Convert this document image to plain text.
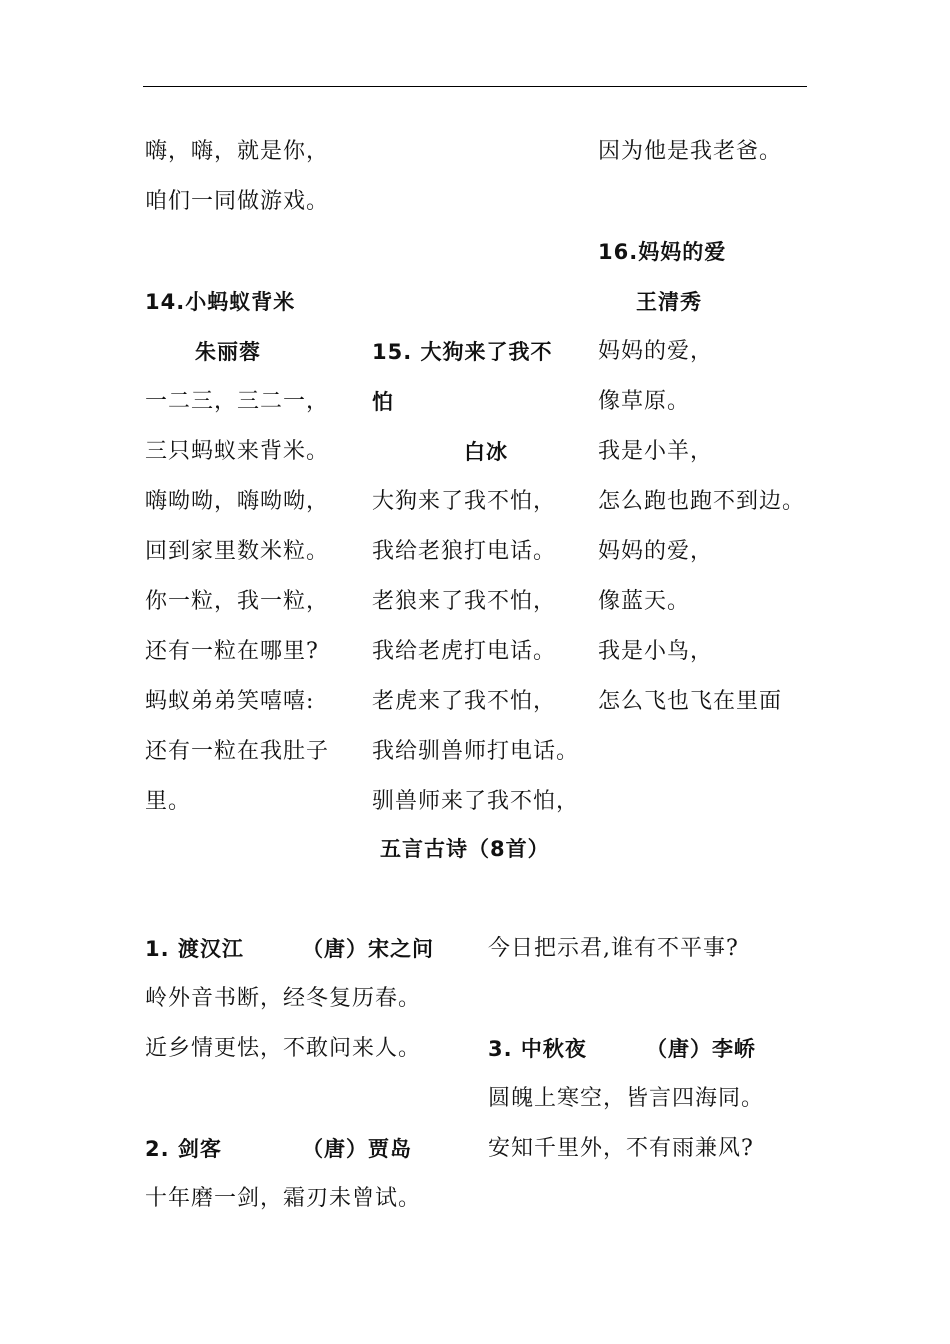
嗨，嗨，就是你，
咱们一同做游戏。
因为他是我老爸。
14.小蚂蚁背米
朱丽蓉
一二三，三二一，
三只蚂蚁来背米。
嗨呦呦，嗨呦呦，
回到家里数米粒。
你一粒，我一粒，
还有一粒在哪里?
蚂蚁弟弟笑嘻嘻:
还有一粒在我肚子
里。
15. 大狗来了我不
怕
白冰
大狗来了我不怕，
我给老狼打电话。
老狼来了我不怕，
我给老虎打电话。
老虎来了我不怕，
我给驯兽师打电话。
驯兽师来了我不怕，
16.妈妈的爱
王清秀
妈妈的爱，
像草原。
我是小羊，
怎么跑也跑不到边。
妈妈的爱，
像蓝天。
我是小鸟，
怎么飞也飞在里面
五言古诗（8首）
1. 渡汉江	（唐）宋之问
岭外音书断，经冬复历春。
近乡情更怯，不敢问来人。
2. 剑客	（唐）贾岛
十年磨一剑，霜刃未曾试。
今日把示君,谁有不平事?
3. 中秋夜	（唐）李峤
圆魄上寒空，皆言四海同。
安知千里外，不有雨兼风?
